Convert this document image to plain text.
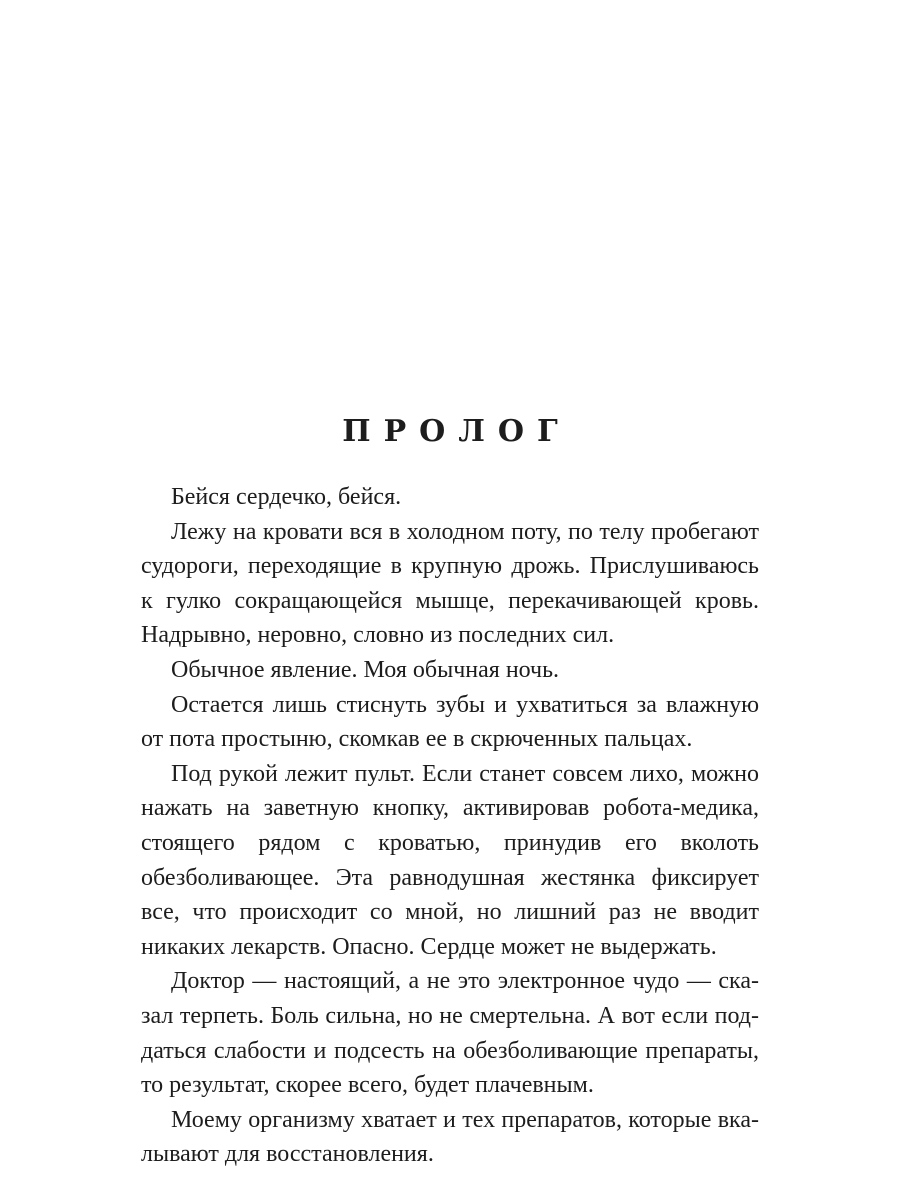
ПРОЛОГ

Бейся сердечко, бейся.

Лежу на кровати вся в холодном поту, по телу пробегают судороги, переходящие в крупную дрожь. Прислушиваюсь к гулко сокращающейся мышце, перекачивающей кровь. Надрывно, неровно, словно из последних сил.

Обычное явление. Моя обычная ночь.

Остается лишь стиснуть зубы и ухватиться за влажную от пота простыню, скомкав ее в скрюченных пальцах.

Под рукой лежит пульт. Если станет совсем лихо, можно нажать на заветную кнопку, активировав робота-медика, стоящего рядом с кроватью, принудив его вколоть обезболивающее. Эта равнодушная жестянка фиксирует все, что происходит со мной, но лишний раз не вводит никаких лекарств. Опасно. Сердце может не выдержать.

Доктор — настоящий, а не это электронное чудо — сказал терпеть. Боль сильна, но не смертельна. А вот если поддаться слабости и подсесть на обезболивающие препараты, то результат, скорее всего, будет плачевным.

Моему организму хватает и тех препаратов, которые вкалывают для восстановления.
